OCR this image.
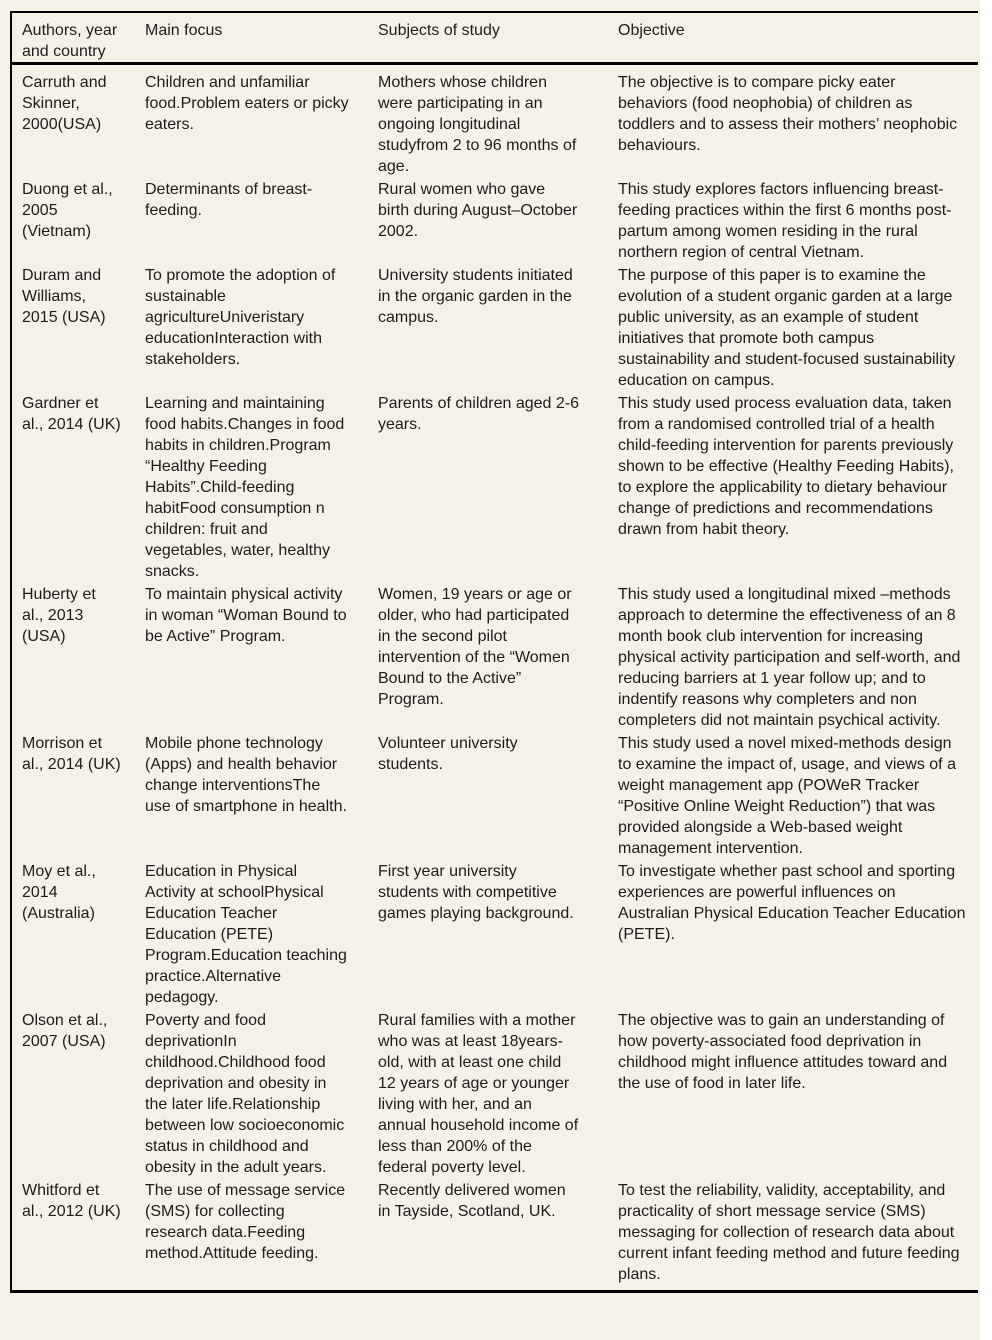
Authors, year and country
Main focus	Subjects of study	Objective
Carruth and Skinner, 2000(USA)
Children and unfamiliar food.Problem eaters or picky eaters.
Mothers whose children were participating in an ongoing longitudinal studyfrom 2 to 96 months of age.
The objective is to compare picky eater behaviors (food neophobia) of children as toddlers and to assess their mothers’ neophobic behaviours.
Duong et al., 2005 (Vietnam)
Determinants of breast-feeding.
Rural women who gave birth during August–October 2002.
This study explores factors influencing breast-feeding practices within the first 6 months post-partum among women residing in the rural northern region of central Vietnam.
Duram and Williams, 2015 (USA)
To promote the adoption of sustainable agricultureUniveristary educationInteraction with stakeholders.
University students initiated in the organic garden in the campus.
The purpose of this paper is to examine the evolution of a student organic garden at a large public university, as an example of student initiatives that promote both campus sustainability and student-focused sustainability education on campus.
Gardner et al., 2014 (UK)
Learning and maintaining food habits.Changes in food habits in children.Program “Healthy Feeding Habits”.Child-feeding habitFood consumption n children: fruit and vegetables, water, healthy snacks.
Parents of children aged 2-6 years.
This study used process evaluation data, taken from a randomised controlled trial of a health child-feeding intervention for parents previously shown to be effective (Healthy Feeding Habits), to explore the applicability to dietary behaviour change of predictions and recommendations drawn from habit theory.
Huberty et al., 2013 (USA)
To maintain physical activity in woman “Woman Bound to be Active” Program.
Women, 19 years or age or older, who had participated in the second pilot intervention of the “Women Bound to the Active” Program.
This study used a longitudinal mixed –methods approach to determine the effectiveness of an 8 month book club intervention for increasing physical activity participation and self-worth, and reducing barriers at 1 year follow up; and to indentify reasons why completers and non completers did not maintain psychical activity.
Morrison et al., 2014 (UK)
Mobile phone technology (Apps) and health behavior change interventionsThe use of smartphone in health.
Volunteer university students.
This study used a novel mixed-methods design to examine the impact of, usage, and views of a weight management app (POWeR Tracker “Positive Online Weight Reduction”) that was provided alongside a Web-based weight management intervention.
Moy et al., 2014 (Australia)
Education in Physical Activity at schoolPhysical Education Teacher Education (PETE) Program.Education teaching practice.Alternative pedagogy.
First year university students with competitive games playing background.
To investigate whether past school and sporting experiences are powerful influences on Australian Physical Education Teacher Education (PETE).
Olson et al., 2007 (USA)
Poverty and food deprivationIn childhood.Childhood food deprivation and obesity in the later life.Relationship between low socioeconomic status in childhood and obesity in the adult years.
Rural families with a mother who was at least 18years-old, with at least one child 12 years of age or younger living with her, and an annual household income of less than 200% of the federal poverty level.
The objective was to gain an understanding of how poverty-associated food deprivation in childhood might influence attitudes toward and the use of food in later life.
Whitford et al., 2012 (UK)
The use of message service (SMS) for collecting research data.Feeding method.Attitude feeding.
Recently delivered women in Tayside, Scotland, UK.
To test the reliability, validity, acceptability, and practicality of short message service (SMS) messaging for collection of research data about current infant feeding method and future feeding plans.
